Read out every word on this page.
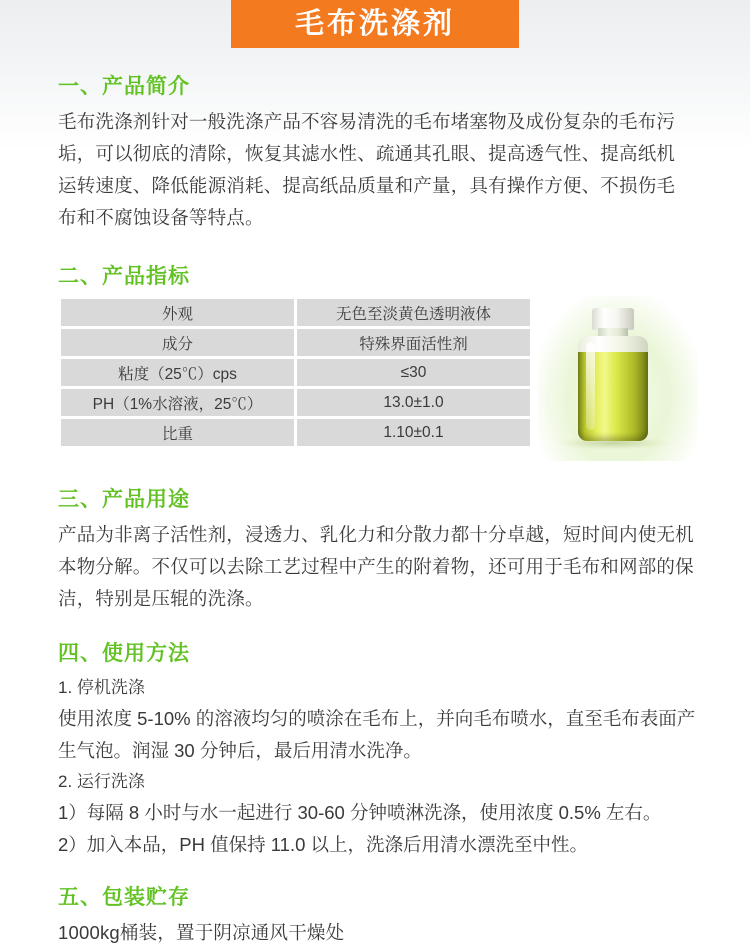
毛布洗涤剂
一、产品简介

毛布洗涤剂针对一般洗涤产品不容易清洗的毛布堵塞物及成份复杂的毛布污垢，可以彻底的清除，恢复其滤水性、疏通其孔眼、提高透气性、提高纸机运转速度、降低能源消耗、提高纸品质量和产量，具有操作方便、不损伤毛布和不腐蚀设备等特点。

二、产品指标
外观	无色至淡黄色透明液体
成分	特殊界面活性剂
粘度（25℃）cps	≤30
PH（1%水溶液，25℃）	13.0±1.0
比重	1.10±0.1
三、产品用途

产品为非离子活性剂，浸透力、乳化力和分散力都十分卓越，短时间内使无机本物分解。不仅可以去除工艺过程中产生的附着物，还可用于毛布和网部的保洁，特别是压辊的洗涤。

四、使用方法

1. 停机洗涤

使用浓度 5-10% 的溶液均匀的喷涂在毛布上，并向毛布喷水，直至毛布表面产生气泡。润湿 30 分钟后，最后用清水洗净。

2. 运行洗涤

1）每隔 8 小时与水一起进行 30-60 分钟喷淋洗涤，使用浓度 0.5% 左右。

2）加入本品，PH 值保持 11.0 以上，洗涤后用清水漂洗至中性。

五、包装贮存

1000kg桶装，置于阴凉通风干燥处
